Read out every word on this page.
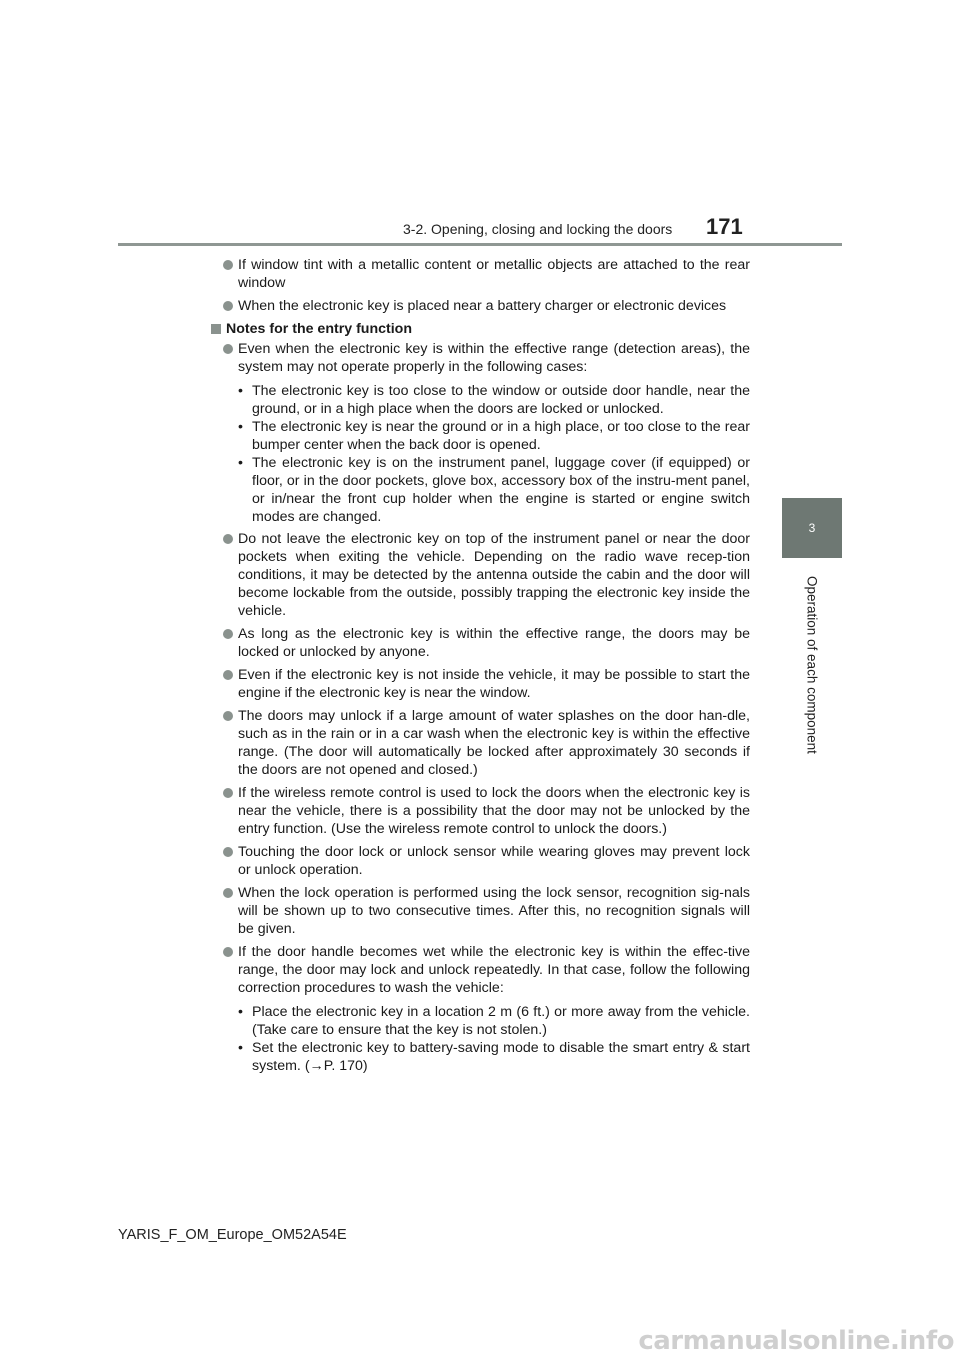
3-2. Opening, closing and locking the doors 171
3
Operation of each component
If window tint with a metallic content or metallic objects are attached to the rear window
When the electronic key is placed near a battery charger or electronic devices
Notes for the entry function
Even when the electronic key is within the effective range (detection areas), the system may not operate properly in the following cases:
• The electronic key is too close to the window or outside door handle, near the ground, or in a high place when the doors are locked or unlocked.
• The electronic key is near the ground or in a high place, or too close to the rear bumper center when the back door is opened.
• The electronic key is on the instrument panel, luggage cover (if equipped) or floor, or in the door pockets, glove box, accessory box of the instru-ment panel, or in/near the front cup holder when the engine is started or engine switch modes are changed.
Do not leave the electronic key on top of the instrument panel or near the door pockets when exiting the vehicle. Depending on the radio wave recep-tion conditions, it may be detected by the antenna outside the cabin and the door will become lockable from the outside, possibly trapping the electronic key inside the vehicle.
As long as the electronic key is within the effective range, the doors may be locked or unlocked by anyone.
Even if the electronic key is not inside the vehicle, it may be possible to start the engine if the electronic key is near the window.
The doors may unlock if a large amount of water splashes on the door han-dle, such as in the rain or in a car wash when the electronic key is within the effective range. (The door will automatically be locked after approximately 30 seconds if the doors are not opened and closed.)
If the wireless remote control is used to lock the doors when the electronic key is near the vehicle, there is a possibility that the door may not be unlocked by the entry function. (Use the wireless remote control to unlock the doors.)
Touching the door lock or unlock sensor while wearing gloves may prevent lock or unlock operation.
When the lock operation is performed using the lock sensor, recognition sig-nals will be shown up to two consecutive times. After this, no recognition signals will be given.
If the door handle becomes wet while the electronic key is within the effec-tive range, the door may lock and unlock repeatedly. In that case, follow the following correction procedures to wash the vehicle:
• Place the electronic key in a location 2 m (6 ft.) or more away from the vehicle. (Take care to ensure that the key is not stolen.)
• Set the electronic key to battery-saving mode to disable the smart entry & start system. (→P. 170)
YARIS_F_OM_Europe_OM52A54E
carmanualsonline.info
